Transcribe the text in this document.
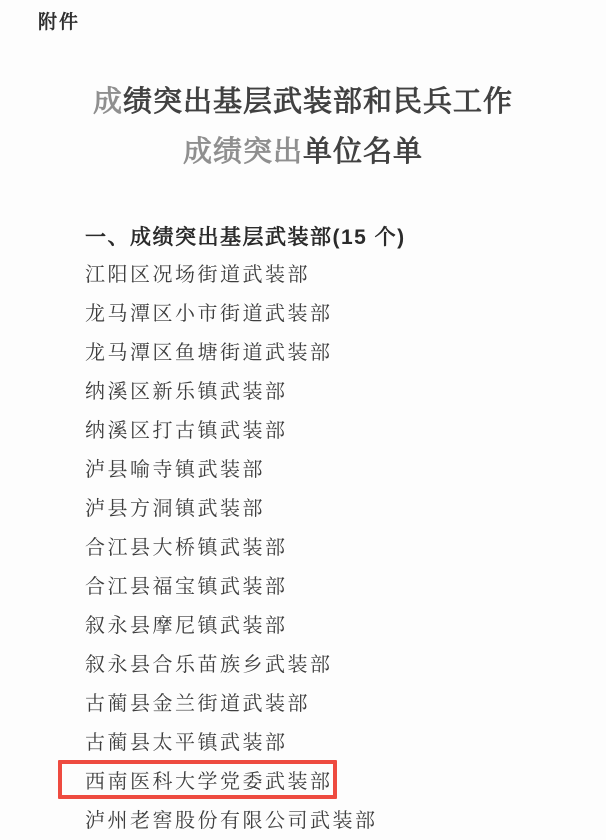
附件
成绩突出基层武装部和民兵工作
成绩突出单位名单
一、成绩突出基层武装部(15 个)
江阳区况场街道武装部
龙马潭区小市街道武装部
龙马潭区鱼塘街道武装部
纳溪区新乐镇武装部
纳溪区打古镇武装部
泸县喻寺镇武装部
泸县方洞镇武装部
合江县大桥镇武装部
合江县福宝镇武装部
叙永县摩尼镇武装部
叙永县合乐苗族乡武装部
古蔺县金兰街道武装部
古蔺县太平镇武装部
西南医科大学党委武装部
泸州老窖股份有限公司武装部
